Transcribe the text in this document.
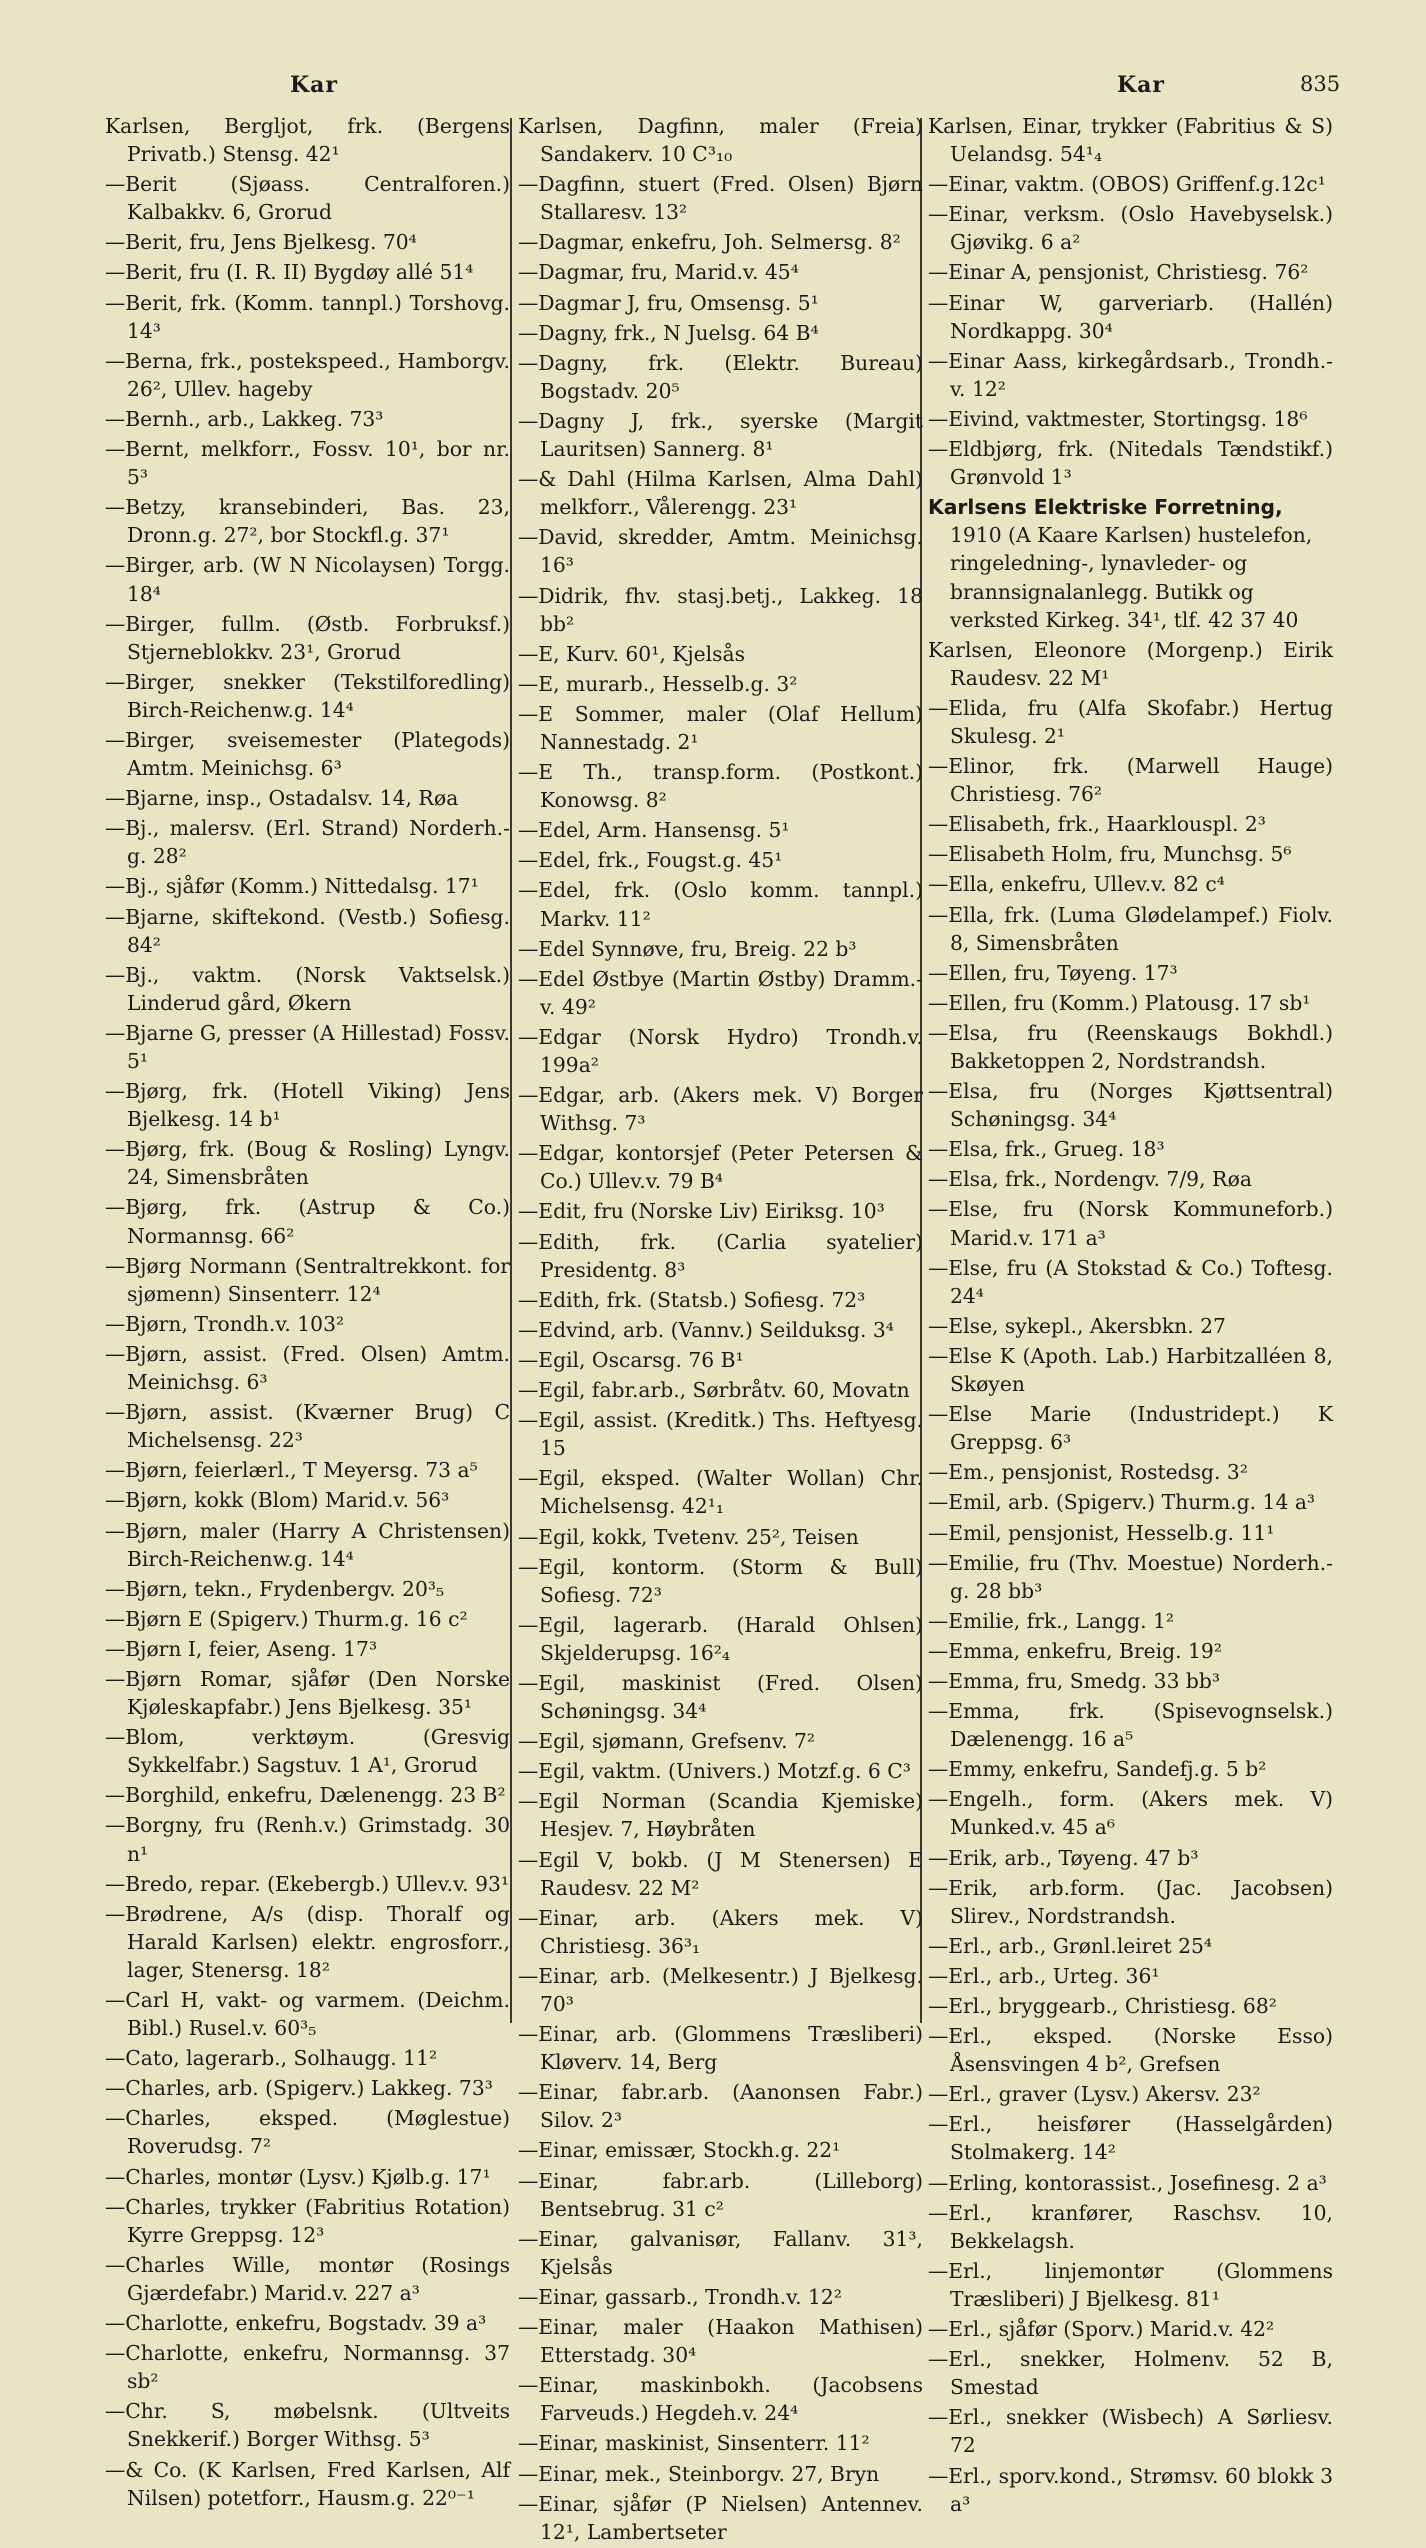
Kar	Kar	835
Karlsen, Bergljot, frk. (Bergens Privatb.) Stensg. 42¹
—Berit (Sjøass. Centralforen.) Kalbakkv. 6, Grorud
—Berit, fru, Jens Bjelkesg. 70⁴
—Berit, fru (I. R. II) Bygdøy allé 51⁴
—Berit, frk. (Komm. tannpl.) Torshovg. 14³
—Berna, frk., postekspeed., Hamborgv. 26², Ullev. hageby
—Bernh., arb., Lakkeg. 73³
—Bernt, melkforr., Fossv. 10¹, bor nr. 5³
—Betzy, kransebinderi, Bas. 23, Dronn.g. 27², bor Stockfl.g. 37¹
—Birger, arb. (W N Nicolaysen) Torgg. 18⁴
—Birger, fullm. (Østb. Forbruksf.) Stjerneblokkv. 23¹, Grorud
—Birger, snekker (Tekstilforedling) Birch-Reichenw.g. 14⁴
—Birger, sveisemester (Plategods) Amtm. Meinichsg. 6³
—Bjarne, insp., Ostadalsv. 14, Røa
—Bj., malersv. (Erl. Strand) Norderh.-g. 28²
—Bj., sjåfør (Komm.) Nittedalsg. 17¹
—Bjarne, skiftekond. (Vestb.) Sofiesg. 84²
—Bj., vaktm. (Norsk Vaktselsk.) Linderud gård, Økern
—Bjarne G, presser (A Hillestad) Fossv. 5¹
—Bjørg, frk. (Hotell Viking) Jens Bjelkesg. 14 b¹
—Bjørg, frk. (Boug & Rosling) Lyngv. 24, Simensbråten
—Bjørg, frk. (Astrup & Co.) Normannsg. 66²
—Bjørg Normann (Sentraltrekkont. for sjømenn) Sinsenterr. 12⁴
—Bjørn, Trondh.v. 103²
—Bjørn, assist. (Fred. Olsen) Amtm. Meinichsg. 6³
—Bjørn, assist. (Kværner Brug) C Michelsensg. 22³
—Bjørn, feierlærl., T Meyersg. 73 a⁵
—Bjørn, kokk (Blom) Marid.v. 56³
—Bjørn, maler (Harry A Christensen) Birch-Reichenw.g. 14⁴
—Bjørn, tekn., Frydenbergv. 20³₅
—Bjørn E (Spigerv.) Thurm.g. 16 c²
—Bjørn I, feier, Aseng. 17³
—Bjørn Romar, sjåfør (Den Norske Kjøleskapfabr.) Jens Bjelkesg. 35¹
—Blom, verktøym. (Gresvig Sykkelfabr.) Sagstuv. 1 A¹, Grorud
—Borghild, enkefru, Dælenengg. 23 B²
—Borgny, fru (Renh.v.) Grimstadg. 30 n¹
—Bredo, repar. (Ekebergb.) Ullev.v. 93¹
—Brødrene, A/s (disp. Thoralf og Harald Karlsen) elektr. engrosforr., lager, Stenersg. 18²
—Carl H, vakt- og varmem. (Deichm. Bibl.) Rusel.v. 60³₅
—Cato, lagerarb., Solhaugg. 11²
—Charles, arb. (Spigerv.) Lakkeg. 73³
—Charles, eksped. (Møglestue) Roverudsg. 7²
—Charles, montør (Lysv.) Kjølb.g. 17¹
—Charles, trykker (Fabritius Rotation) Kyrre Greppsg. 12³
—Charles Wille, montør (Rosings Gjærdefabr.) Marid.v. 227 a³
—Charlotte, enkefru, Bogstadv. 39 a³
—Charlotte, enkefru, Normannsg. 37 sb²
—Chr. S, møbelsnk. (Ultveits Snekkerif.) Borger Withsg. 5³
—& Co. (K Karlsen, Fred Karlsen, Alf Nilsen) potetforr., Hausm.g. 22⁰⁻¹
Karlsen, Dagfinn, maler (Freia) Sandakerv. 10 C³₁₀
—Dagfinn, stuert (Fred. Olsen) Bjørn Stallaresv. 13²
—Dagmar, enkefru, Joh. Selmersg. 8²
—Dagmar, fru, Marid.v. 45⁴
—Dagmar J, fru, Omsensg. 5¹
—Dagny, frk., N Juelsg. 64 B⁴
—Dagny, frk. (Elektr. Bureau) Bogstadv. 20⁵
—Dagny J, frk., syerske (Margit Lauritsen) Sannerg. 8¹
—& Dahl (Hilma Karlsen, Alma Dahl) melkforr., Vålerengg. 23¹
—David, skredder, Amtm. Meinichsg. 16³
—Didrik, fhv. stasj.betj., Lakkeg. 18 bb²
—E, Kurv. 60¹, Kjelsås
—E, murarb., Hesselb.g. 3²
—E Sommer, maler (Olaf Hellum) Nannestadg. 2¹
—E Th., transp.form. (Postkont.) Konowsg. 8²
—Edel, Arm. Hansensg. 5¹
—Edel, frk., Fougst.g. 45¹
—Edel, frk. (Oslo komm. tannpl.) Markv. 11²
—Edel Synnøve, fru, Breig. 22 b³
—Edel Østbye (Martin Østby) Dramm.-v. 49²
—Edgar (Norsk Hydro) Trondh.v. 199a²
—Edgar, arb. (Akers mek. V) Borger Withsg. 7³
—Edgar, kontorsjef (Peter Petersen & Co.) Ullev.v. 79 B⁴
—Edit, fru (Norske Liv) Eiriksg. 10³
—Edith, frk. (Carlia syatelier) Presidentg. 8³
—Edith, frk. (Statsb.) Sofiesg. 72³
—Edvind, arb. (Vannv.) Seilduksg. 3⁴
—Egil, Oscarsg. 76 B¹
—Egil, fabr.arb., Sørbråtv. 60, Movatn
—Egil, assist. (Kreditk.) Ths. Heftyesg. 15
—Egil, eksped. (Walter Wollan) Chr. Michelsensg. 42¹₁
—Egil, kokk, Tvetenv. 25², Teisen
—Egil, kontorm. (Storm & Bull) Sofiesg. 72³
—Egil, lagerarb. (Harald Ohlsen) Skjelderupsg. 16²₄
—Egil, maskinist (Fred. Olsen) Schøningsg. 34⁴
—Egil, sjømann, Grefsenv. 7²
—Egil, vaktm. (Univers.) Motzf.g. 6 C³
—Egil Norman (Scandia Kjemiske) Hesjev. 7, Høybråten
—Egil V, bokb. (J M Stenersen) E Raudesv. 22 M²
—Einar, arb. (Akers mek. V) Christiesg. 36³₁
—Einar, arb. (Melkesentr.) J Bjelkesg. 70³
—Einar, arb. (Glommens Træsliberi) Kløverv. 14, Berg
—Einar, fabr.arb. (Aanonsen Fabr.) Silov. 2³
—Einar, emissær, Stockh.g. 22¹
—Einar, fabr.arb. (Lilleborg) Bentsebrug. 31 c²
—Einar, galvanisør, Fallanv. 31³, Kjelsås
—Einar, gassarb., Trondh.v. 12²
—Einar, maler (Haakon Mathisen) Etterstadg. 30⁴
—Einar, maskinbokh. (Jacobsens Farveuds.) Hegdeh.v. 24⁴
—Einar, maskinist, Sinsenterr. 11²
—Einar, mek., Steinborgv. 27, Bryn
—Einar, sjåfør (P Nielsen) Antennev. 12¹, Lambertseter
Karlsen, Einar, trykker (Fabritius & S) Uelandsg. 54¹₄
—Einar, vaktm. (OBOS) Griffenf.g.12c¹
—Einar, verksm. (Oslo Havebyselsk.) Gjøvikg. 6 a²
—Einar A, pensjonist, Christiesg. 76²
—Einar W, garveriarb. (Hallén) Nordkappg. 30⁴
—Einar Aass, kirkegårdsarb., Trondh.-v. 12²
—Eivind, vaktmester, Stortingsg. 18⁶
—Eldbjørg, frk. (Nitedals Tændstikf.) Grønvold 1³
Karlsens Elektriske Forretning, 1910 (A Kaare Karlsen) hustelefon, ringeledning-, lynavleder- og brannsignalanlegg. Butikk og verksted Kirkeg. 34¹, tlf. 42 37 40
Karlsen, Eleonore (Morgenp.) Eirik Raudesv. 22 M¹
—Elida, fru (Alfa Skofabr.) Hertug Skulesg. 2¹
—Elinor, frk. (Marwell Hauge) Christiesg. 76²
—Elisabeth, frk., Haarklouspl. 2³
—Elisabeth Holm, fru, Munchsg. 5⁶
—Ella, enkefru, Ullev.v. 82 c⁴
—Ella, frk. (Luma Glødelampef.) Fiolv. 8, Simensbråten
—Ellen, fru, Tøyeng. 17³
—Ellen, fru (Komm.) Platousg. 17 sb¹
—Elsa, fru (Reenskaugs Bokhdl.) Bakketoppen 2, Nordstrandsh.
—Elsa, fru (Norges Kjøttsentral) Schøningsg. 34⁴
—Elsa, frk., Grueg. 18³
—Elsa, frk., Nordengv. 7/9, Røa
—Else, fru (Norsk Kommuneforb.) Marid.v. 171 a³
—Else, fru (A Stokstad & Co.) Toftesg. 24⁴
—Else, sykepl., Akersbkn. 27
—Else K (Apoth. Lab.) Harbitzalléen 8, Skøyen
—Else Marie (Industridept.) K Greppsg. 6³
—Em., pensjonist, Rostedsg. 3²
—Emil, arb. (Spigerv.) Thurm.g. 14 a³
—Emil, pensjonist, Hesselb.g. 11¹
—Emilie, fru (Thv. Moestue) Norderh.-g. 28 bb³
—Emilie, frk., Langg. 1²
—Emma, enkefru, Breig. 19²
—Emma, fru, Smedg. 33 bb³
—Emma, frk. (Spisevognselsk.) Dælenengg. 16 a⁵
—Emmy, enkefru, Sandefj.g. 5 b²
—Engelh., form. (Akers mek. V) Munked.v. 45 a⁶
—Erik, arb., Tøyeng. 47 b³
—Erik, arb.form. (Jac. Jacobsen) Slirev., Nordstrandsh.
—Erl., arb., Grønl.leiret 25⁴
—Erl., arb., Urteg. 36¹
—Erl., bryggearb., Christiesg. 68²
—Erl., eksped. (Norske Esso) Åsensvingen 4 b², Grefsen
—Erl., graver (Lysv.) Akersv. 23²
—Erl., heisfører (Hasselgården) Stolmakerg. 14²
—Erling, kontorassist., Josefinesg. 2 a³
—Erl., kranfører, Raschsv. 10, Bekkelagsh.
—Erl., linjemontør (Glommens Træsliberi) J Bjelkesg. 81¹
—Erl., sjåfør (Sporv.) Marid.v. 42²
—Erl., snekker, Holmenv. 52 B, Smestad
—Erl., snekker (Wisbech) A Sørliesv. 72
—Erl., sporv.kond., Strømsv. 60 blokk 3 a³
